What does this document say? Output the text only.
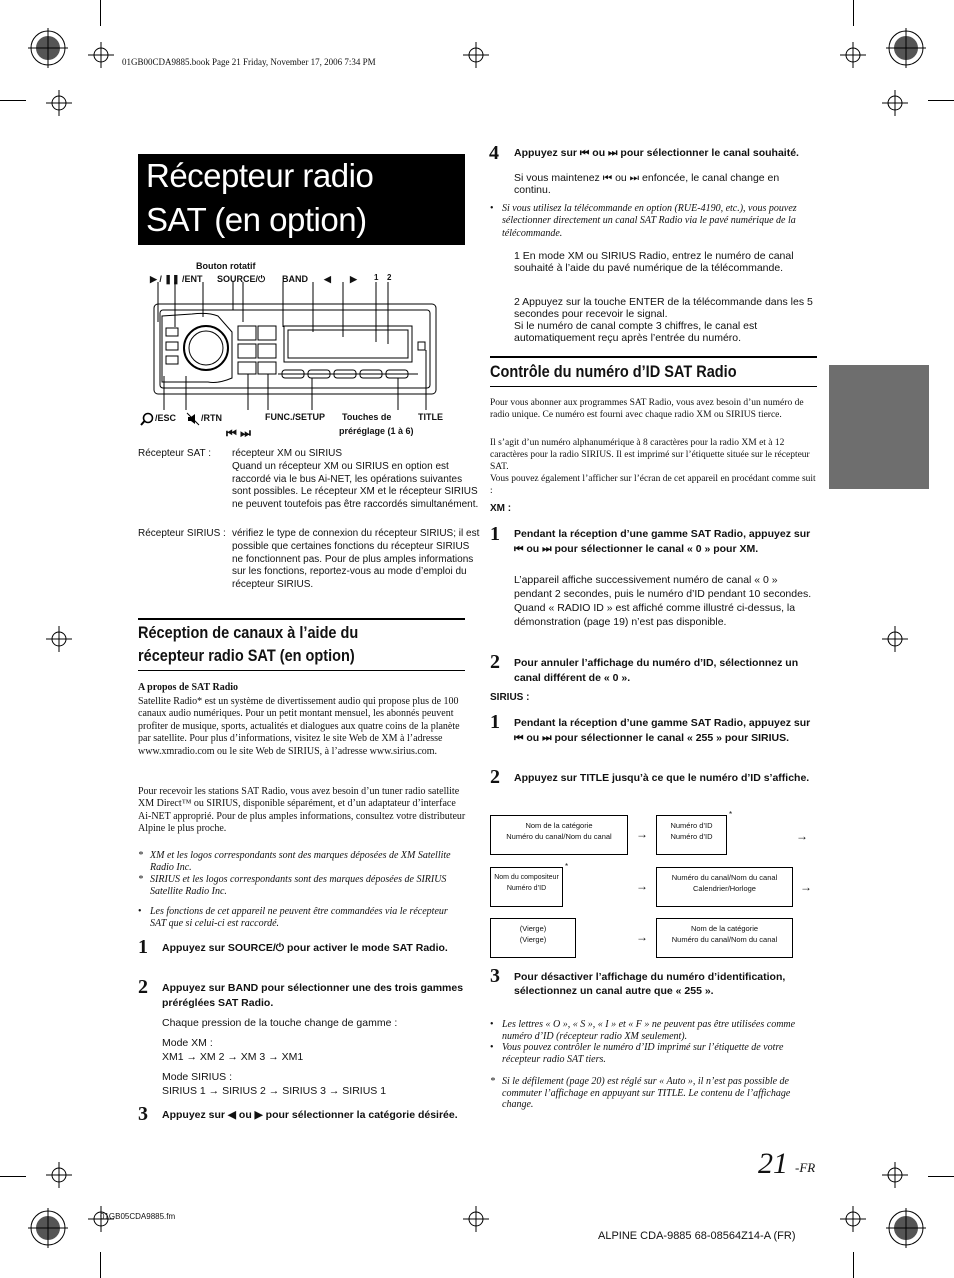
01GB00CDA9885.book Page 21 Friday, November 17, 2006 7:34 PM
Récepteur radio
SAT (en option)
Bouton rotatif
▶ / ❚❚ /ENT SOURCE/⏻ BAND ◀ ▶ 1 2
/ESC	/RTN	FUNC./SETUP Touches de	TITLE
⏮ ⏭	préréglage (1 à 6)
Récepteur SAT :	récepteur XM ou SIRIUS
Quand un récepteur XM ou SIRIUS en option est raccordé via le bus Ai-NET, les opérations suivantes sont possibles. Le récepteur XM et le récepteur SIRIUS ne peuvent toutefois pas être raccordés simultanément.
Récepteur SIRIUS : vérifiez le type de connexion du récepteur SIRIUS; il est possible que certaines fonctions du récepteur SIRIUS ne fonctionnent pas. Pour de plus amples informations sur les fonctions, reportez-vous au mode d’emploi du récepteur SIRIUS.
Réception de canaux à l’aide du
récepteur radio SAT (en option)
A propos de SAT Radio
Satellite Radio* est un système de divertissement audio qui propose plus de 100 canaux audio numériques. Pour un petit montant mensuel, les abonnés peuvent profiter de musique, sports, actualités et dialogues aux quatre coins de la planète par satellite. Pour plus d’informations, visitez le site Web de XM à l’adresse www.xmradio.com ou le site Web de SIRIUS, à l’adresse www.sirius.com.
Pour recevoir les stations SAT Radio, vous avez besoin d’un tuner radio satellite XM Direct™ ou SIRIUS, disponible séparément, et d’un adaptateur d’interface Ai-NET approprié. Pour de plus amples informations, consultez votre distributeur Alpine le plus proche.
* XM et les logos correspondants sont des marques déposées de XM Satellite Radio Inc.
* SIRIUS et les logos correspondants sont des marques déposées de SIRIUS Satellite Radio Inc.
• Les fonctions de cet appareil ne peuvent être commandées via le récepteur SAT que si celui-ci est raccordé.
1 Appuyez sur SOURCE/⏻ pour activer le mode SAT Radio.
2 Appuyez sur BAND pour sélectionner une des trois gammes préréglées SAT Radio.
Chaque pression de la touche change de gamme :
Mode XM :
XM1 → XM 2 → XM 3 → XM1
Mode SIRIUS :
SIRIUS 1 → SIRIUS 2 → SIRIUS 3 → SIRIUS 1
3 Appuyez sur ◀ ou ▶ pour sélectionner la catégorie désirée.
4 Appuyez sur ⏮ ou ⏭ pour sélectionner le canal souhaité.
Si vous maintenez ⏮ ou ⏭ enfoncée, le canal change en continu.
• Si vous utilisez la télécommande en option (RUE-4190, etc.), vous pouvez sélectionner directement un canal SAT Radio via le pavé numérique de la télécommande.
1 En mode XM ou SIRIUS Radio, entrez le numéro de canal souhaité à l’aide du pavé numérique de la télécommande.
2 Appuyez sur la touche ENTER de la télécommande dans les 5 secondes pour recevoir le signal.
Si le numéro de canal compte 3 chiffres, le canal est automatiquement reçu après l’entrée du numéro.
Contrôle du numéro d’ID SAT Radio
Pour vous abonner aux programmes SAT Radio, vous avez besoin d’un numéro de radio unique. Ce numéro est fourni avec chaque radio XM ou SIRIUS tierce.
Il s’agit d’un numéro alphanumérique à 8 caractères pour la radio XM et à 12 caractères pour la radio SIRIUS. Il est imprimé sur l’étiquette située sur le récepteur SAT.
Vous pouvez également l’afficher sur l’écran de cet appareil en procédant comme suit :
XM :
1 Pendant la réception d’une gamme SAT Radio, appuyez sur ⏮ ou ⏭ pour sélectionner le canal « 0 » pour XM.
L’appareil affiche successivement numéro de canal « 0 » pendant 2 secondes, puis le numéro d’ID pendant 10 secondes.
Quand « RADIO ID » est affiché comme illustré ci-dessus, la démonstration (page 19) n’est pas disponible.
2 Pour annuler l’affichage du numéro d’ID, sélectionnez un canal différent de « 0 ».
SIRIUS :
1 Pendant la réception d’une gamme SAT Radio, appuyez sur ⏮ ou ⏭ pour sélectionner le canal « 255 » pour SIRIUS.
2 Appuyez sur TITLE jusqu’à ce que le numéro d’ID s’affiche.
Nom de la catégorie
Numéro du canal/Nom du canal	→
Numéro d’ID
Numéro d’ID
*
→
Nom du compositeur
Numéro d’ID
*
→
Numéro du canal/Nom du canal
Calendrier/Horloge	→
(Vierge)
(Vierge)	→
Nom de la catégorie
Numéro du canal/Nom du canal
3 Pour désactiver l’affichage du numéro d’identification, sélectionnez un canal autre que « 255 ».
• Les lettres « O », « S », « I » et « F » ne peuvent pas être utilisées comme numéro d’ID (récepteur radio XM seulement).
• Vous pouvez contrôler le numéro d’ID imprimé sur l’étiquette de votre récepteur radio SAT tiers.
* Si le défilement (page 20) est réglé sur « Auto », il n’est pas possible de commuter l’affichage en appuyant sur TITLE. Le contenu de l’affichage change.
21 -FR
01GB05CDA9885.fm
ALPINE CDA-9885 68-08564Z14-A (FR)
